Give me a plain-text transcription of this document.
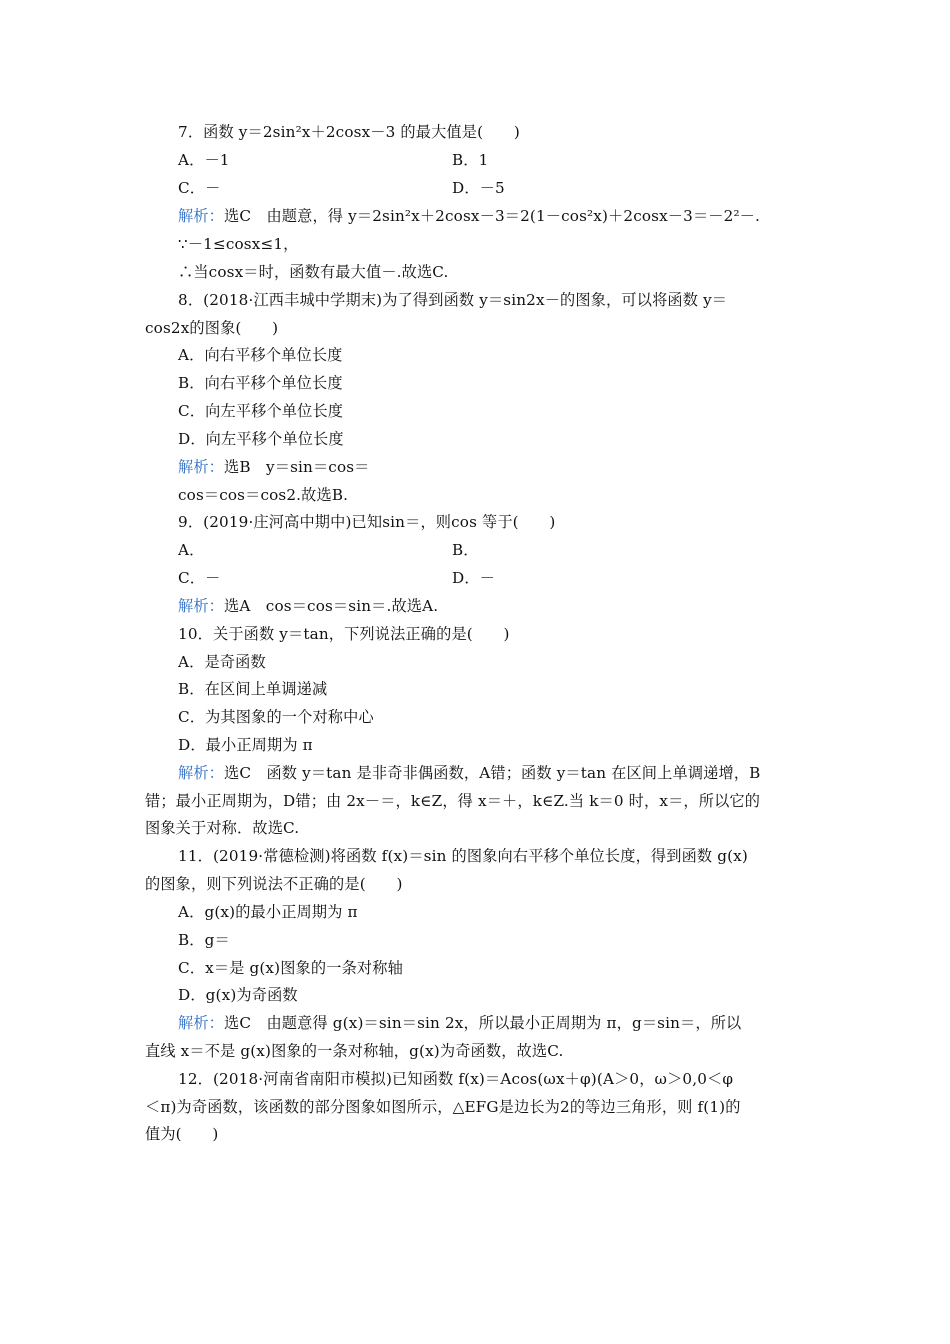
7．函数 y＝2sin²x＋2cosx－3 的最大值是(　　)

A．－1	B．1

C．－	D．－5

解析：选C　由题意，得 y＝2sin²x＋2cosx－3＝2(1－cos²x)＋2cosx－3＝－2²－.

∵－1≤cosx≤1，

∴当cosx＝时，函数有最大值－.故选C.

8．(2018·江西丰城中学期末)为了得到函数 y＝sin2x－的图象，可以将函数 y＝

cos2x的图象(　　)

A．向右平移个单位长度

B．向右平移个单位长度

C．向左平移个单位长度

D．向左平移个单位长度

解析：选B　y＝sin＝cos＝

cos＝cos＝cos2.故选B.

9．(2019·庄河高中期中)已知sin＝，则cos 等于(　　)

A．	B．

C．－	D．－

解析：选A　cos＝cos＝sin＝.故选A.

10．关于函数 y＝tan，下列说法正确的是(　　)

A．是奇函数

B．在区间上单调递减

C．为其图象的一个对称中心

D．最小正周期为 π

解析：选C　函数 y＝tan 是非奇非偶函数，A错；函数 y＝tan 在区间上单调递增，B

错；最小正周期为，D错；由 2x－＝，k∈Z，得 x＝＋，k∈Z.当 k＝0 时，x＝，所以它的

图象关于对称．故选C.

11．(2019·常德检测)将函数 f(x)＝sin 的图象向右平移个单位长度，得到函数 g(x)

的图象，则下列说法不正确的是(　　)

A．g(x)的最小正周期为 π

B．g＝

C．x＝是 g(x)图象的一条对称轴

D．g(x)为奇函数

解析：选C　由题意得 g(x)＝sin＝sin 2x，所以最小正周期为 π，g＝sin＝，所以

直线 x＝不是 g(x)图象的一条对称轴，g(x)为奇函数，故选C.

12．(2018·河南省南阳市模拟)已知函数 f(x)＝Acos(ωx＋φ)(A＞0，ω＞0,0＜φ

＜π)为奇函数，该函数的部分图象如图所示，△EFG是边长为2的等边三角形，则 f(1)的

值为(　　)
